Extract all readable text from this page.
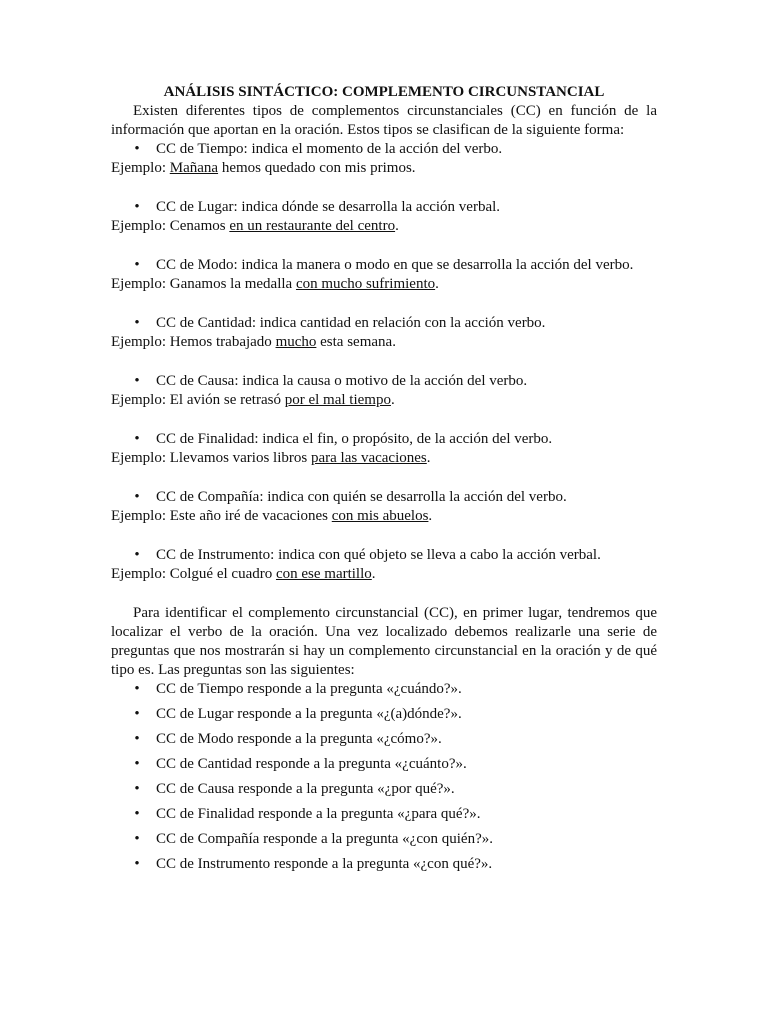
ANÁLISIS SINTÁCTICO: COMPLEMENTO CIRCUNSTANCIAL

Existen diferentes tipos de complementos circunstanciales (CC) en función de la información que aportan en la oración. Estos tipos se clasifican de la siguiente forma:

• CC de Tiempo: indica el momento de la acción del verbo.

Ejemplo: Mañana hemos quedado con mis primos.

• CC de Lugar: indica dónde se desarrolla la acción verbal.

Ejemplo: Cenamos en un restaurante del centro.

• CC de Modo: indica la manera o modo en que se desarrolla la acción del verbo.

Ejemplo: Ganamos la medalla con mucho sufrimiento.

• CC de Cantidad: indica cantidad en relación con la acción verbo.

Ejemplo: Hemos trabajado mucho esta semana.

• CC de Causa: indica la causa o motivo de la acción del verbo.

Ejemplo: El avión se retrasó por el mal tiempo.

• CC de Finalidad: indica el fin, o propósito, de la acción del verbo.

Ejemplo: Llevamos varios libros para las vacaciones.

• CC de Compañía: indica con quién se desarrolla la acción del verbo.

Ejemplo: Este año iré de vacaciones con mis abuelos.

• CC de Instrumento: indica con qué objeto se lleva a cabo la acción verbal.

Ejemplo: Colgué el cuadro con ese martillo.

Para identificar el complemento circunstancial (CC), en primer lugar, tendremos que localizar el verbo de la oración. Una vez localizado debemos realizarle una serie de preguntas que nos mostrarán si hay un complemento circunstancial en la oración y de qué tipo es. Las preguntas son las siguientes:

• CC de Tiempo responde a la pregunta «¿cuándo?».

• CC de Lugar responde a la pregunta «¿(a)dónde?».

• CC de Modo responde a la pregunta «¿cómo?».

• CC de Cantidad responde a la pregunta «¿cuánto?».

• CC de Causa responde a la pregunta «¿por qué?».

• CC de Finalidad responde a la pregunta «¿para qué?».

• CC de Compañía responde a la pregunta «¿con quién?».

• CC de Instrumento responde a la pregunta «¿con qué?».
